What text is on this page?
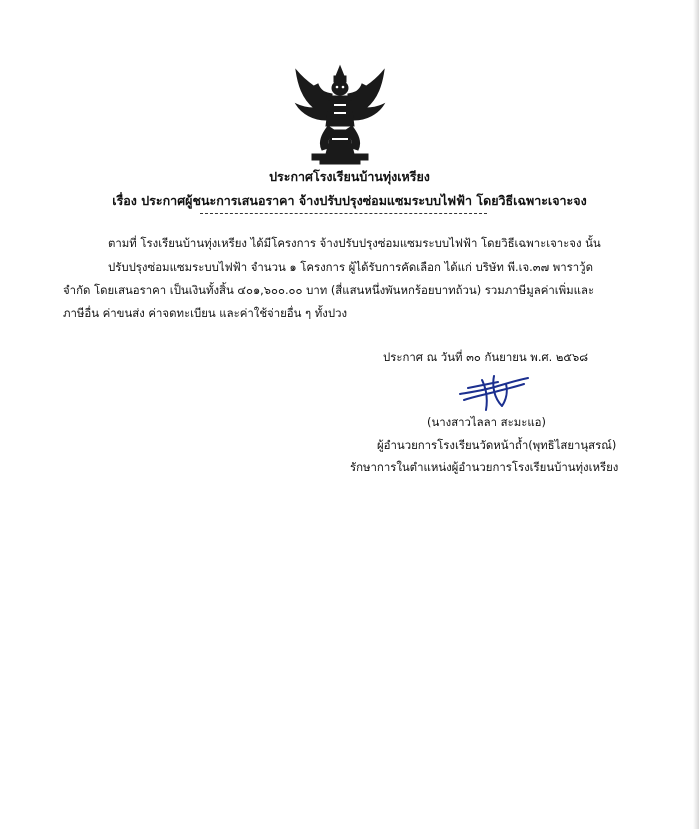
ประกาศโรงเรียนบ้านทุ่งเหรียง
เรื่อง ประกาศผู้ชนะการเสนอราคา จ้างปรับปรุงซ่อมแซมระบบไฟฟ้า โดยวิธีเฉพาะเจาะจง
ตามที่ โรงเรียนบ้านทุ่งเหรียง ได้มีโครงการ จ้างปรับปรุงซ่อมแซมระบบไฟฟ้า โดยวิธีเฉพาะเจาะจง นั้น
ปรับปรุงซ่อมแซมระบบไฟฟ้า จำนวน ๑ โครงการ ผู้ได้รับการคัดเลือก ได้แก่ บริษัท พี.เจ.๓๗ พาราวู้ด
จำกัด โดยเสนอราคา เป็นเงินทั้งสิ้น ๔๐๑,๖๐๐.๐๐ บาท (สี่แสนหนึ่งพันหกร้อยบาทถ้วน) รวมภาษีมูลค่าเพิ่มและ
ภาษีอื่น ค่าขนส่ง ค่าจดทะเบียน และค่าใช้จ่ายอื่น ๆ ทั้งปวง
ประกาศ ณ วันที่ ๓๐ กันยายน พ.ศ. ๒๕๖๘
(นางสาวไลลา สะมะแอ)
ผู้อำนวยการโรงเรียนวัดหน้าถ้ำ(พุทธิไสยานุสรณ์)
รักษาการในตำแหน่งผู้อำนวยการโรงเรียนบ้านทุ่งเหรียง
